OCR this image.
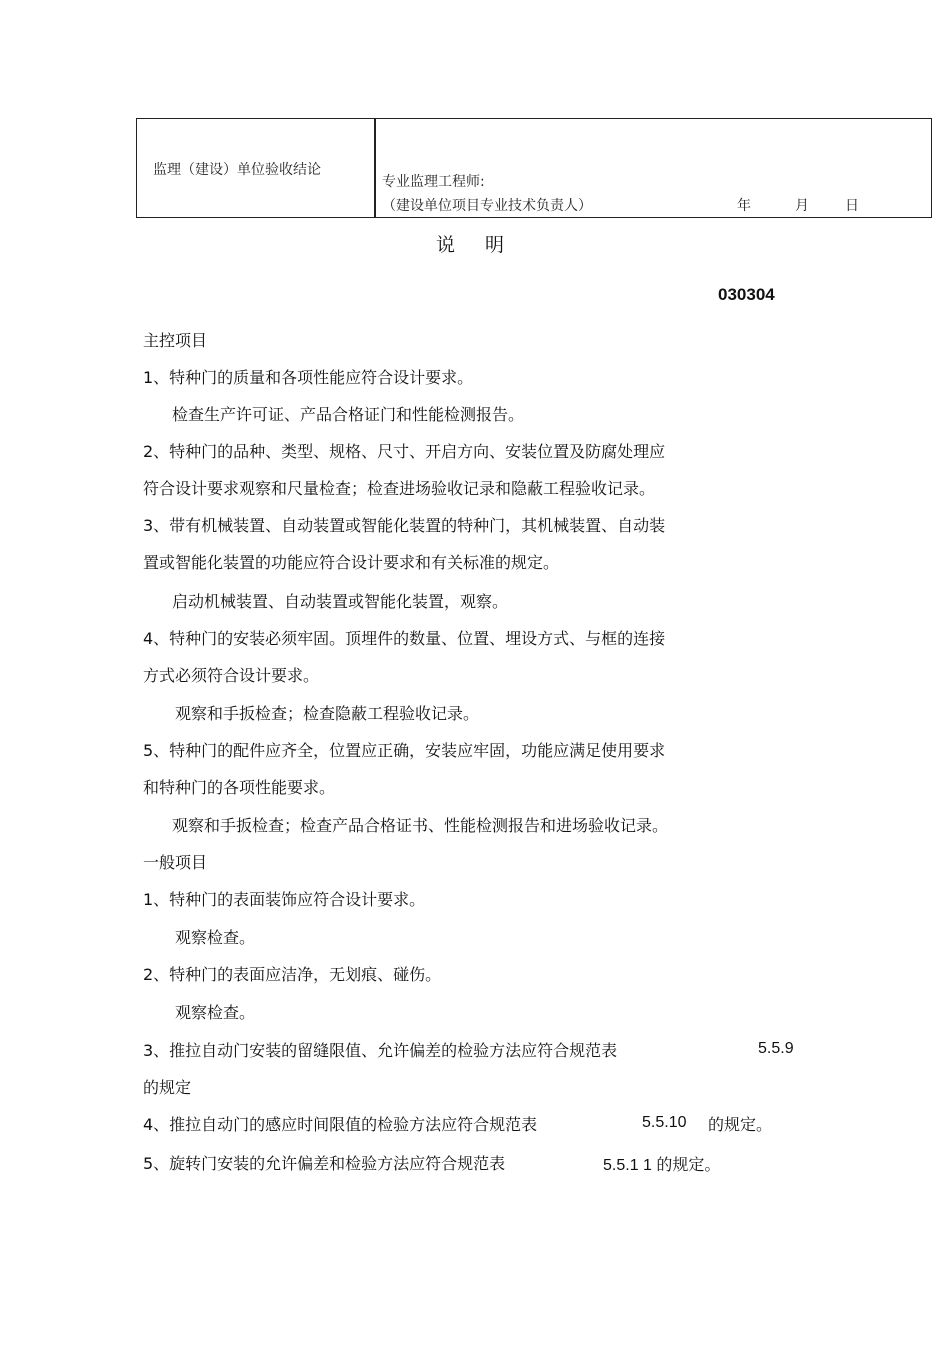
监理（建设）单位验收结论
专业监理工程师:
（建设单位项目专业技术负责人）	年	月	日
说明
030304
主控项目
1、特种门的质量和各项性能应符合设计要求。
检查生产许可证、产品合格证门和性能检测报告。
2、特种门的品种、类型、规格、尺寸、开启方向、安装位置及防腐处理应
符合设计要求观察和尺量检查；检查进场验收记录和隐蔽工程验收记录。
3、带有机械装置、自动装置或智能化装置的特种门，其机械装置、自动装
置或智能化装置的功能应符合设计要求和有关标准的规定。
启动机械装置、自动装置或智能化装置，观察。
4、特种门的安装必须牢固。顶埋件的数量、位置、埋设方式、与框的连接
方式必须符合设计要求。
观察和手扳检查；检查隐蔽工程验收记录。
5、特种门的配件应齐全，位置应正确，安装应牢固，功能应满足使用要求
和特种门的各项性能要求。
观察和手扳检查；检查产品合格证书、性能检测报告和进场验收记录。
一般项目
1、特种门的表面装饰应符合设计要求。
观察检查。
2、特种门的表面应洁净，无划痕、碰伤。
观察检查。
3、推拉自动门安装的留缝限值、允许偏差的检验方法应符合规范表	5.5.9
的规定
4、推拉自动门的感应时间限值的检验方法应符合规范表	5.5.10 的规定。
5、旋转门安装的允许偏差和检验方法应符合规范表	5.5.1 1 的规定。
